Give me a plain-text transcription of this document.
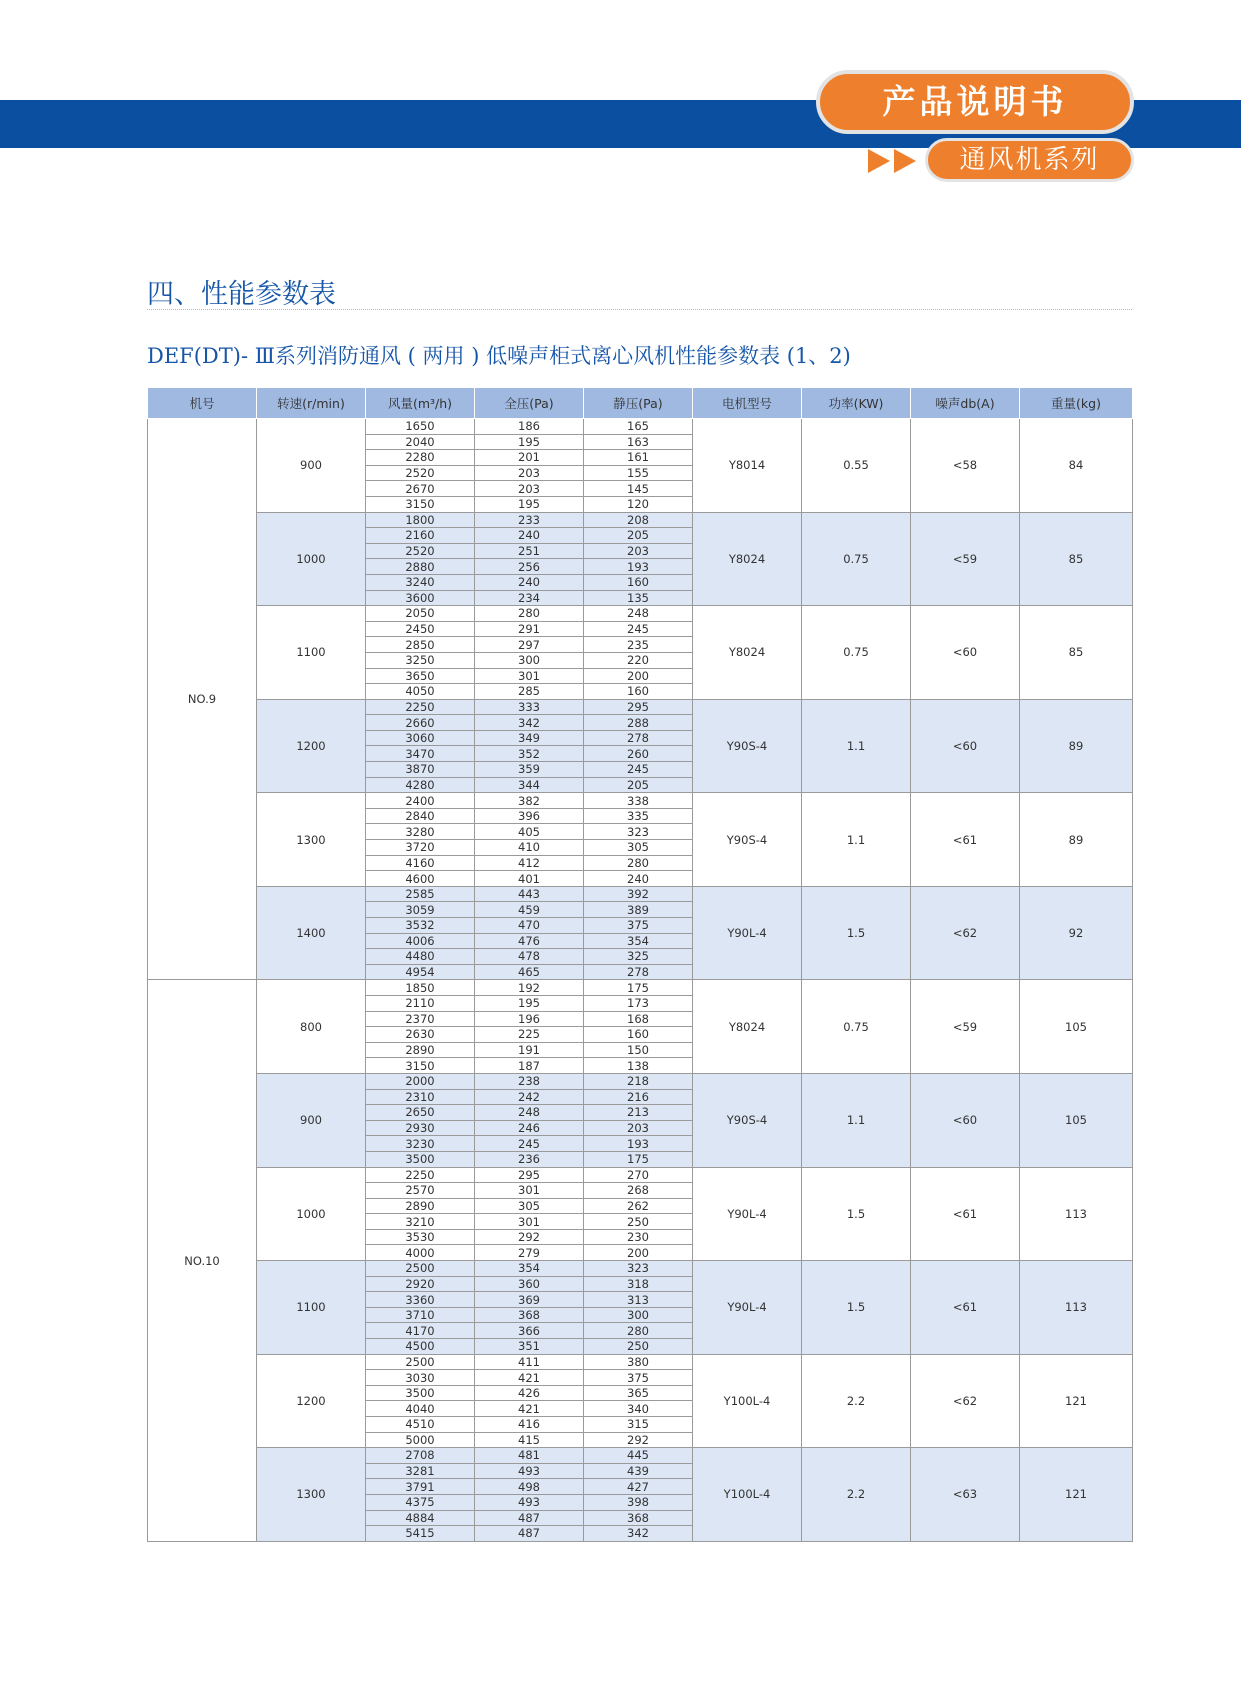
产品说明书
通风机系列
四、性能参数表
DEF(DT)- Ⅲ系列消防通风 ( 两用 ) 低噪声柜式离心风机性能参数表 (1、2)
机号	转速(r/min)	风量(m³/h)	全压(Pa)	静压(Pa)	电机型号	功率(KW)	噪声db(A)	重量(kg)
NO.9	900	1650	186	165	Y8014	0.55	<58	84
		2040	195	163				
		2280	201	161				
		2520	203	155				
		2670	203	145				
		3150	195	120				
	1000	1800	233	208	Y8024	0.75	<59	85
		2160	240	205				
		2520	251	203				
		2880	256	193				
		3240	240	160				
		3600	234	135				
	1100	2050	280	248	Y8024	0.75	<60	85
		2450	291	245				
		2850	297	235				
		3250	300	220				
		3650	301	200				
		4050	285	160				
	1200	2250	333	295	Y90S-4	1.1	<60	89
		2660	342	288				
		3060	349	278				
		3470	352	260				
		3870	359	245				
		4280	344	205				
	1300	2400	382	338	Y90S-4	1.1	<61	89
		2840	396	335				
		3280	405	323				
		3720	410	305				
		4160	412	280				
		4600	401	240				
	1400	2585	443	392	Y90L-4	1.5	<62	92
		3059	459	389				
		3532	470	375				
		4006	476	354				
		4480	478	325				
		4954	465	278				
NO.10	800	1850	192	175	Y8024	0.75	<59	105
		2110	195	173				
		2370	196	168				
		2630	225	160				
		2890	191	150				
		3150	187	138				
	900	2000	238	218	Y90S-4	1.1	<60	105
		2310	242	216				
		2650	248	213				
		2930	246	203				
		3230	245	193				
		3500	236	175				
	1000	2250	295	270	Y90L-4	1.5	<61	113
		2570	301	268				
		2890	305	262				
		3210	301	250				
		3530	292	230				
		4000	279	200				
	1100	2500	354	323	Y90L-4	1.5	<61	113
		2920	360	318				
		3360	369	313				
		3710	368	300				
		4170	366	280				
		4500	351	250				
	1200	2500	411	380	Y100L-4	2.2	<62	121
		3030	421	375				
		3500	426	365				
		4040	421	340				
		4510	416	315				
		5000	415	292				
	1300	2708	481	445	Y100L-4	2.2	<63	121
		3281	493	439				
		3791	498	427				
		4375	493	398				
		4884	487	368				
		5415	487	342				
